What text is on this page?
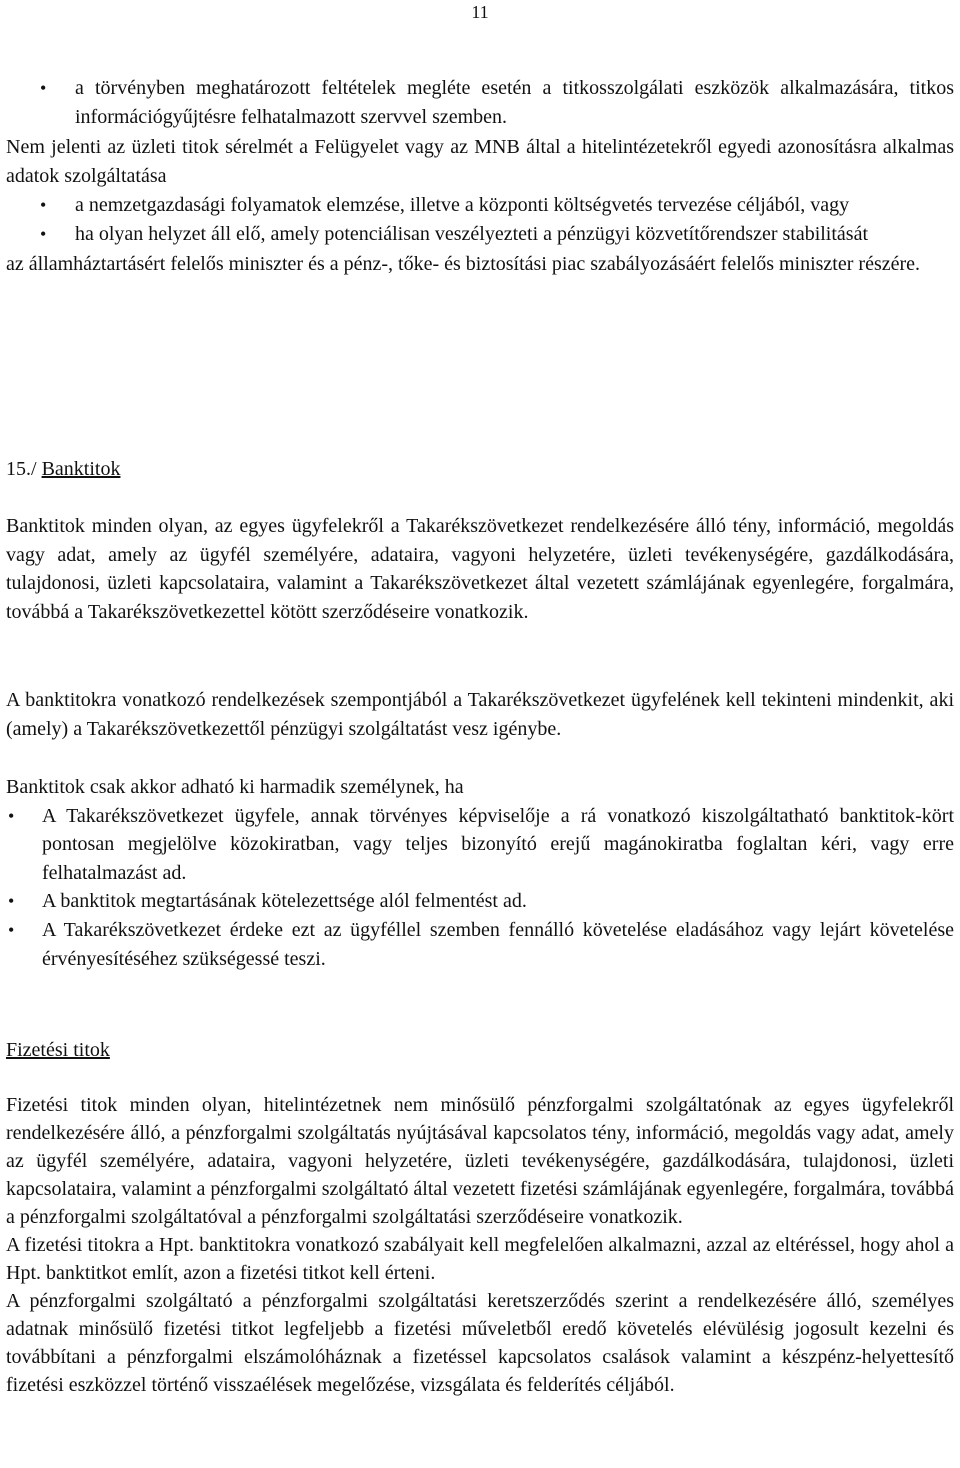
11

• a törvényben meghatározott feltételek megléte esetén a titkosszolgálati eszközök alkalmazására, titkos információgyűjtésre felhatalmazott szervvel szemben.

Nem jelenti az üzleti titok sérelmét a Felügyelet vagy az MNB által a hitelintézetekről egyedi azonosításra alkalmas adatok szolgáltatása

• a nemzetgazdasági folyamatok elemzése, illetve a központi költségvetés tervezése céljából, vagy

• ha olyan helyzet áll elő, amely potenciálisan veszélyezteti a pénzügyi közvetítőrendszer stabilitását

az államháztartásért felelős miniszter és a pénz-, tőke- és biztosítási piac szabályozásáért felelős miniszter részére.

15./ Banktitok
Banktitok minden olyan, az egyes ügyfelekről a Takarékszövetkezet rendelkezésére álló tény, információ, megoldás vagy adat, amely az ügyfél személyére, adataira, vagyoni helyzetére, üzleti tevékenységére, gazdálkodására, tulajdonosi, üzleti kapcsolataira, valamint a Takarékszövetkezet által vezetett számlájának egyenlegére, forgalmára, továbbá a Takarékszövetkezettel kötött szerződéseire vonatkozik.
A banktitokra vonatkozó rendelkezések szempontjából a Takarékszövetkezet ügyfelének kell tekinteni mindenkit, aki (amely) a Takarékszövetkezettől pénzügyi szolgáltatást vesz igénybe.

Banktitok csak akkor adható ki harmadik személynek, ha

• A Takarékszövetkezet ügyfele, annak törvényes képviselője a rá vonatkozó kiszolgáltatható banktitok-kört pontosan megjelölve közokiratban, vagy teljes bizonyító erejű magánokiratba foglaltan kéri, vagy erre felhatalmazást ad.

• A banktitok megtartásának kötelezettsége alól felmentést ad.

• A Takarékszövetkezet érdeke ezt az ügyféllel szemben fennálló követelése eladásához vagy lejárt követelése érvényesítéséhez szükségessé teszi.

Fizetési titok

Fizetési titok minden olyan, hitelintézetnek nem minősülő pénzforgalmi szolgáltatónak az egyes ügyfelekről rendelkezésére álló, a pénzforgalmi szolgáltatás nyújtásával kapcsolatos tény, információ, megoldás vagy adat, amely az ügyfél személyére, adataira, vagyoni helyzetére, üzleti tevékenységére, gazdálkodására, tulajdonosi, üzleti kapcsolataira, valamint a pénzforgalmi szolgáltató által vezetett fizetési számlájának egyenlegére, forgalmára, továbbá a pénzforgalmi szolgáltatóval a pénzforgalmi szolgáltatási szerződéseire vonatkozik.

A fizetési titokra a Hpt. banktitokra vonatkozó szabályait kell megfelelően alkalmazni, azzal az eltéréssel, hogy ahol a Hpt. banktitkot említ, azon a fizetési titkot kell érteni.

A pénzforgalmi szolgáltató a pénzforgalmi szolgáltatási keretszerződés szerint a rendelkezésére álló, személyes adatnak minősülő fizetési titkot legfeljebb a fizetési műveletből eredő követelés elévülésig jogosult kezelni és továbbítani a pénzforgalmi elszámolóháznak a fizetéssel kapcsolatos csalások valamint a készpénz-helyettesítő fizetési eszközzel történő visszaélések megelőzése, vizsgálata és felderítés céljából.
